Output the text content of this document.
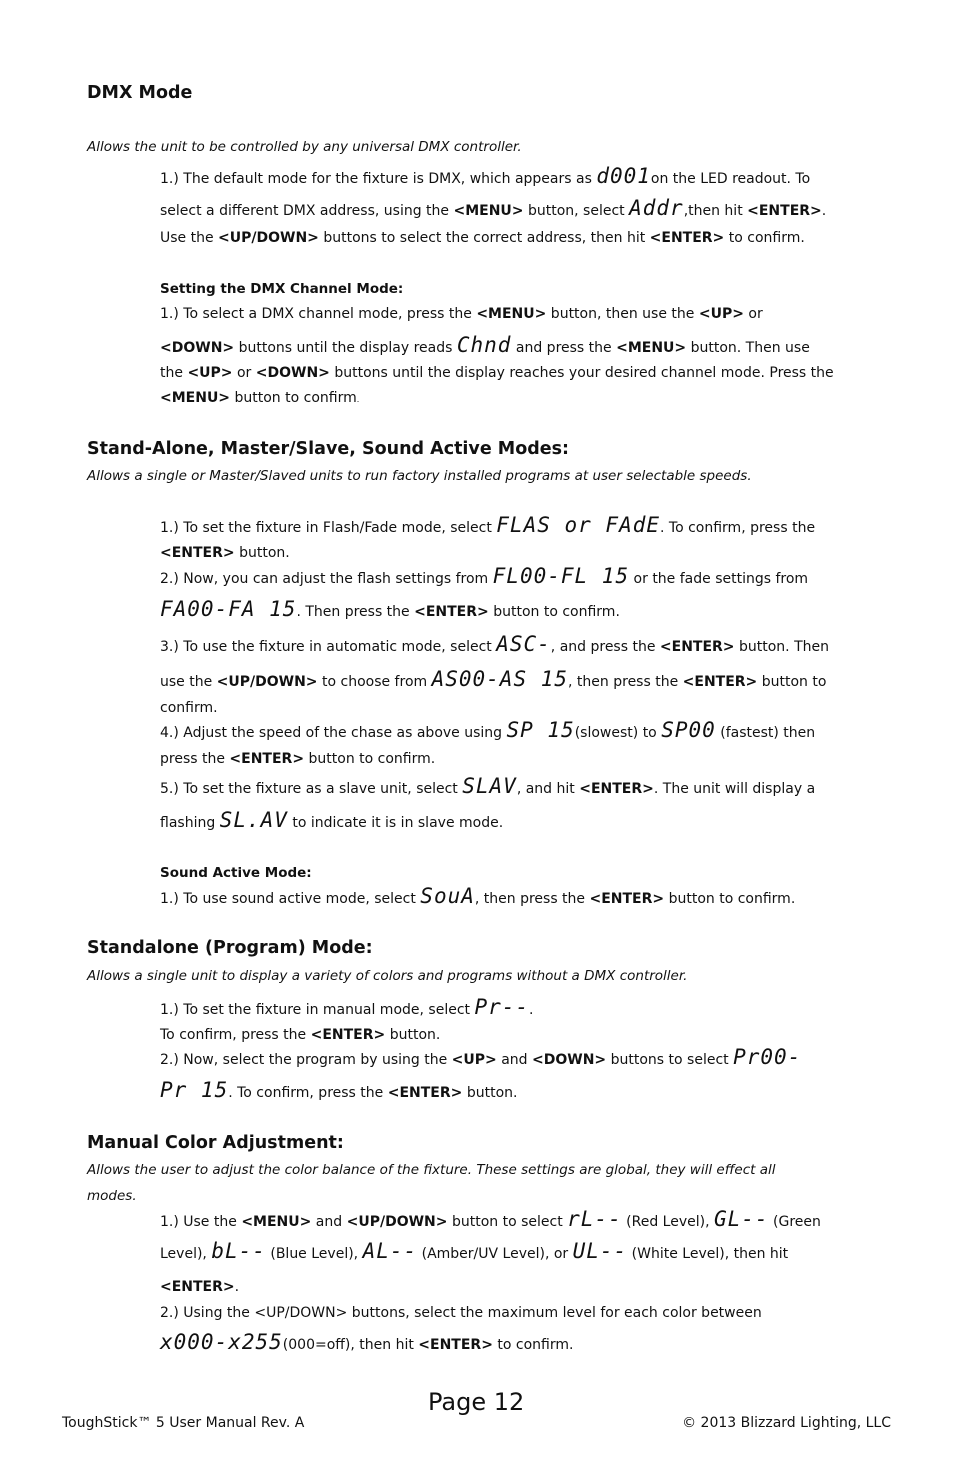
DMX Mode
Allows the unit to be controlled by any universal DMX controller.
1.) The default mode for the fixture is DMX, which appears as d001on the LED readout. To
select a different DMX address, using the <MENU> button, select Addr,then hit <ENTER>.
Use the <UP/DOWN> buttons to select the correct address, then hit <ENTER> to confirm.
Setting the DMX Channel Mode:
1.) To select a DMX channel mode, press the <MENU> button, then use the <UP> or
<DOWN> buttons until the display reads Chnd and press the <MENU> button. Then use
the <UP> or <DOWN> buttons until the display reaches your desired channel mode. Press the
<MENU> button to confirm.
Stand-Alone, Master/Slave, Sound Active Modes:
Allows a single or Master/Slaved units to run factory installed programs at user selectable speeds.
1.) To set the fixture in Flash/Fade mode, select FLAS or FAdE. To confirm, press the
<ENTER> button.
2.) Now, you can adjust the flash settings from FL00-FL 15 or the fade settings from
FA00-FA 15. Then press the <ENTER> button to confirm.
3.) To use the fixture in automatic mode, select ASC-, and press the <ENTER> button. Then
use the <UP/DOWN> to choose from AS00-AS 15, then press the <ENTER> button to
confirm.
4.) Adjust the speed of the chase as above using SP 15(slowest) to SP00 (fastest) then
press the <ENTER> button to confirm.
5.) To set the fixture as a slave unit, select SLAV, and hit <ENTER>. The unit will display a
flashing SL.AV to indicate it is in slave mode.
Sound Active Mode:
1.) To use sound active mode, select SouA, then press the <ENTER> button to confirm.
Standalone (Program) Mode:
Allows a single unit to display a variety of colors and programs without a DMX controller.
1.) To set the fixture in manual mode, select Pr--.
To confirm, press the <ENTER> button.
2.) Now, select the program by using the <UP> and <DOWN> buttons to select Pr00-
Pr 15. To confirm, press the <ENTER> button.
Manual Color Adjustment:
Allows the user to adjust the color balance of the fixture. These settings are global, they will effect all
modes.
1.) Use the <MENU> and <UP/DOWN> button to select rL-- (Red Level), GL-- (Green
Level), bL-- (Blue Level), AL-- (Amber/UV Level), or UL-- (White Level), then hit
<ENTER>.
2.) Using the <UP/DOWN> buttons, select the maximum level for each color between
x000-x255(000=off), then hit <ENTER> to confirm.
Page 12
ToughStick™ 5 User Manual Rev. A	© 2013 Blizzard Lighting, LLC
